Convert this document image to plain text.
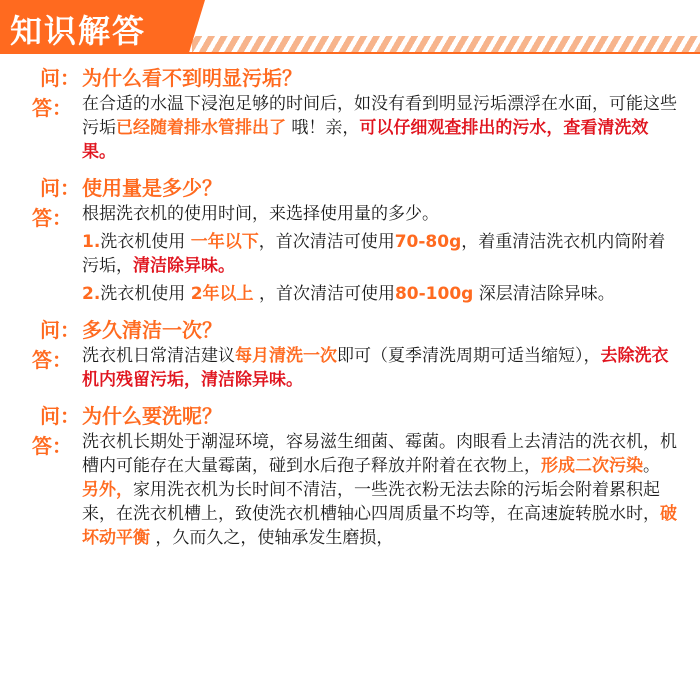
知识解答
问： 为什么看不到明显污垢？
答： 在合适的水温下浸泡足够的时间后，如没有看到明显污垢漂浮在水面，可能这些污垢已经随着排水管排出了 哦！亲，可以仔细观查排出的污水，查看清洗效果。
问： 使用量是多少？
答： 根据洗衣机的使用时间，来选择使用量的多少。
1.洗衣机使用 一年以下，首次清洁可使用70-80g，着重清洁洗衣机内筒附着污垢，清洁除异味。
2.洗衣机使用 2年以上 ，首次清洁可使用80-100g 深层清洁除异味。
问： 多久清洁一次？
答： 洗衣机日常清洁建议每月清洗一次即可（夏季清洗周期可适当缩短），去除洗衣机内残留污垢，清洁除异味。
问： 为什么要洗呢？
答： 洗衣机长期处于潮湿环境，容易滋生细菌、霉菌。肉眼看上去清洁的洗衣机，机槽内可能存在大量霉菌，碰到水后孢子释放并附着在衣物上，形成二次污染。
另外，家用洗衣机为长时间不清洁，一些洗衣粉无法去除的污垢会附着累积起来，在洗衣机槽上，致使洗衣机槽轴心四周质量不均等，在高速旋转脱水时，破坏动平衡 ，久而久之，使轴承发生磨损，
